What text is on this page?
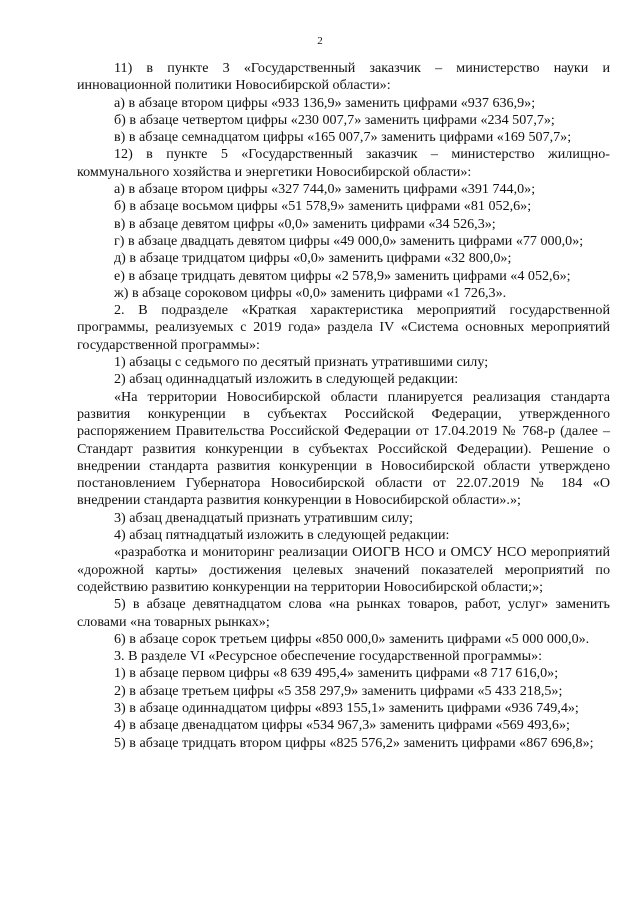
2

11) в пункте 3 «Государственный заказчик – министерство науки и инновационной политики Новосибирской области»:

а) в абзаце втором цифры «933 136,9» заменить цифрами «937 636,9»;

б) в абзаце четвертом цифры «230 007,7» заменить цифрами «234 507,7»;

в) в абзаце семнадцатом цифры «165 007,7» заменить цифрами «169 507,7»;

12) в пункте 5 «Государственный заказчик – министерство жилищно-коммунального хозяйства и энергетики Новосибирской области»:

а) в абзаце втором цифры «327 744,0» заменить цифрами «391 744,0»;

б) в абзаце восьмом цифры «51 578,9» заменить цифрами «81 052,6»;

в) в абзаце девятом цифры «0,0» заменить цифрами «34 526,3»;

г) в абзаце двадцать девятом цифры «49 000,0» заменить цифрами «77 000,0»;

д) в абзаце тридцатом цифры «0,0» заменить цифрами «32 800,0»;

е) в абзаце тридцать девятом цифры «2 578,9» заменить цифрами «4 052,6»;

ж) в абзаце сороковом цифры «0,0» заменить цифрами «1 726,3».

2. В подразделе «Краткая характеристика мероприятий государственной программы, реализуемых с 2019 года» раздела IV «Система основных мероприятий государственной программы»:

1) абзацы с седьмого по десятый признать утратившими силу;

2) абзац одиннадцатый изложить в следующей редакции:

«На территории Новосибирской области планируется реализация стандарта развития конкуренции в субъектах Российской Федерации, утвержденного распоряжением Правительства Российской Федерации от 17.04.2019 № 768-р (далее – Стандарт развития конкуренции в субъектах Российской Федерации). Решение о внедрении стандарта развития конкуренции в Новосибирской области утверждено постановлением Губернатора Новосибирской области от 22.07.2019 № 184 «О внедрении стандарта развития конкуренции в Новосибирской области».»;

3) абзац двенадцатый признать утратившим силу;

4) абзац пятнадцатый изложить в следующей редакции:

«разработка и мониторинг реализации ОИОГВ НСО и ОМСУ НСО мероприятий «дорожной карты» достижения целевых значений показателей мероприятий по содействию развитию конкуренции на территории Новосибирской области;»;

5) в абзаце девятнадцатом слова «на рынках товаров, работ, услуг» заменить словами «на товарных рынках»;

6) в абзаце сорок третьем цифры «850 000,0» заменить цифрами «5 000 000,0».

3. В разделе VI «Ресурсное обеспечение государственной программы»:

1) в абзаце первом цифры «8 639 495,4» заменить цифрами «8 717 616,0»;

2) в абзаце третьем цифры «5 358 297,9» заменить цифрами «5 433 218,5»;

3) в абзаце одиннадцатом цифры «893 155,1» заменить цифрами «936 749,4»;

4) в абзаце двенадцатом цифры «534 967,3» заменить цифрами «569 493,6»;

5) в абзаце тридцать втором цифры «825 576,2» заменить цифрами «867 696,8»;
